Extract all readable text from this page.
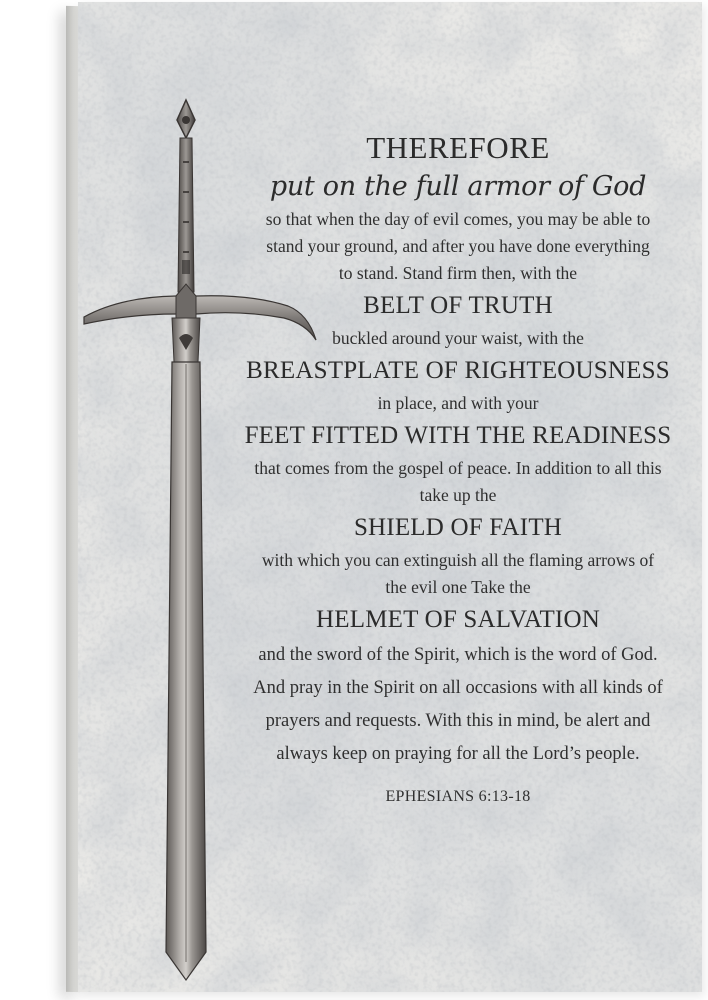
THEREFORE
put on the full armor of God
so that when the day of evil comes, you may be able to
stand your ground, and after you have done everything
to stand. Stand firm then, with the
BELT OF TRUTH
buckled around your waist, with the
BREASTPLATE OF RIGHTEOUSNESS
in place, and with your
FEET FITTED WITH THE READINESS
that comes from the gospel of peace. In addition to all this
take up the
SHIELD OF FAITH
with which you can extinguish all the flaming arrows of
the evil one Take the
HELMET OF SALVATION
and the sword of the Spirit, which is the word of God.
And pray in the Spirit on all occasions with all kinds of
prayers and requests. With this in mind, be alert and
always keep on praying for all the Lord’s people.
EPHESIANS 6:13-18
